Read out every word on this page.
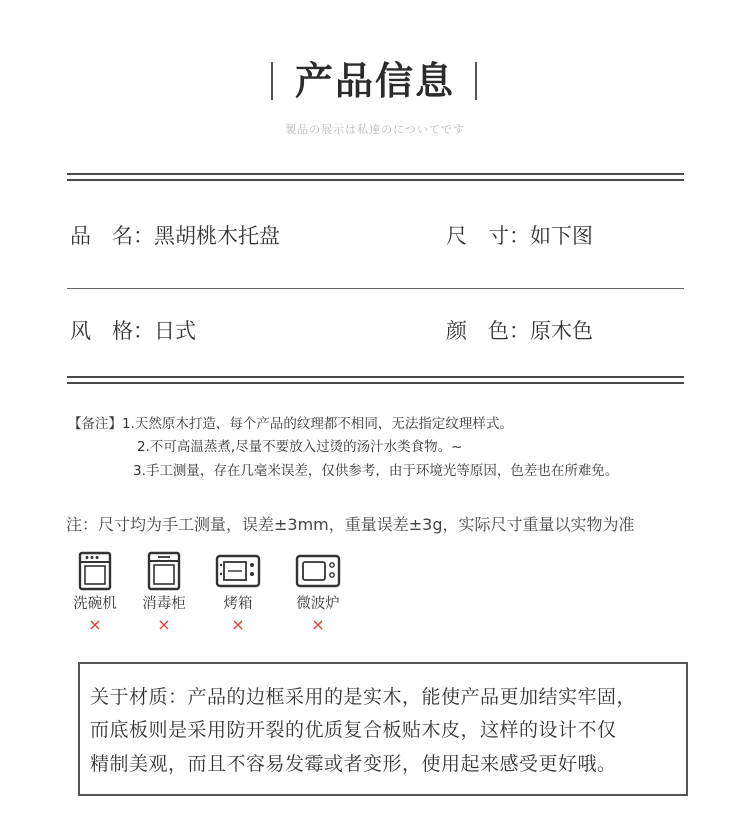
产品信息
製品の展示は私達のについてです
品　名：黑胡桃木托盘	尺　寸：如下图
风　格：日式	颜　色：原木色
【备注】1.天然原木打造，每个产品的纹理都不相同，无法指定纹理样式。
2.不可高温蒸煮,尽量不要放入过烫的汤汁水类食物。~
3.手工测量，存在几毫米误差，仅供参考，由于环境光等原因，色差也在所难免。
注：尺寸均为手工测量，误差±3mm，重量误差±3g，实际尺寸重量以实物为准
洗碗机
×
消毒柜
×
烤箱
×
微波炉
×

关于材质：产品的边框采用的是实木，能使产品更加结实牢固，

而底板则是采用防开裂的优质复合板贴木皮，这样的设计不仅

精制美观，而且不容易发霉或者变形，使用起来感受更好哦。
